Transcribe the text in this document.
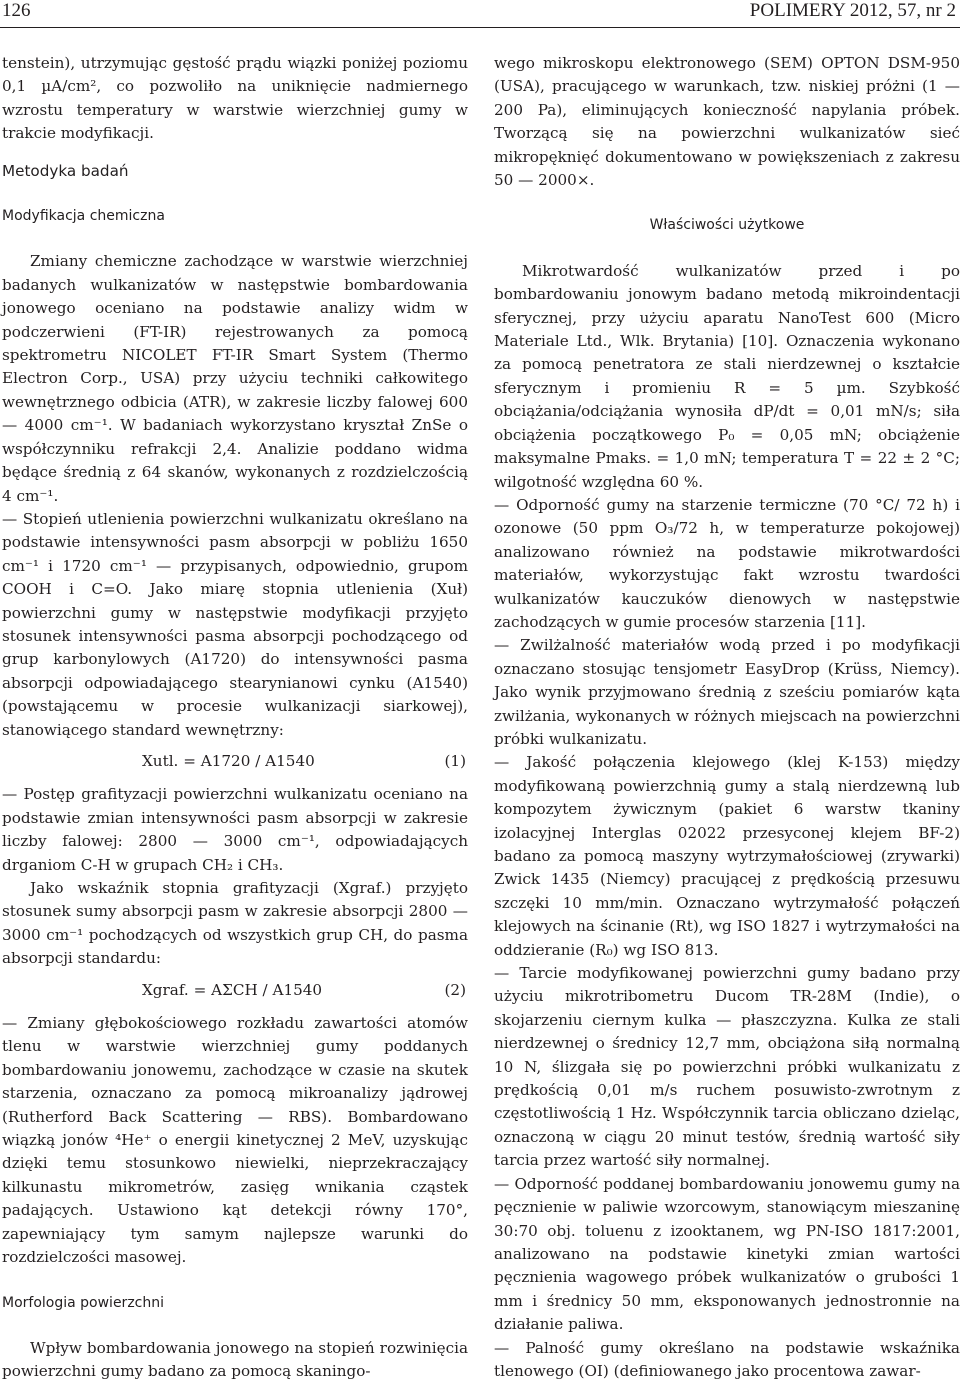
126	POLIMERY 2012, 57, nr 2

tenstein), utrzymując gęstość prądu wiązki poniżej poziomu 0,1 µA/cm², co pozwoliło na uniknięcie nadmiernego wzrostu temperatury w warstwie wierzchniej gumy w trakcie modyfikacji.

Metodyka badań
Modyfikacja chemiczna

Zmiany chemiczne zachodzące w warstwie wierzchniej badanych wulkanizatów w następstwie bombardowania jonowego oceniano na podstawie analizy widm w podczerwieni (FT-IR) rejestrowanych za pomocą spektrometru NICOLET FT-IR Smart System (Thermo Electron Corp., USA) przy użyciu techniki całkowitego wewnętrznego odbicia (ATR), w zakresie liczby falowej 600 — 4000 cm⁻¹. W badaniach wykorzystano kryształ ZnSe o współczynniku refrakcji 2,4. Analizie poddano widma będące średnią z 64 skanów, wykonanych z rozdzielczością 4 cm⁻¹.

— Stopień utlenienia powierzchni wulkanizatu określano na podstawie intensywności pasm absorpcji w pobliżu 1650 cm⁻¹ i 1720 cm⁻¹ — przypisanych, odpowiednio, grupom COOH i C=O. Jako miarę stopnia utlenienia (Xuł) powierzchni gumy w następstwie modyfikacji przyjęto stosunek intensywności pasma absorpcji pochodzącego od grup karbonylowych (A1720) do intensywności pasma absorpcji odpowiadającego stearynianowi cynku (A1540) (powstającemu w procesie wulkanizacji siarkowej), stanowiącego standard wewnętrzny:

Xutl. = A1720 / A1540	(1)

— Postęp grafityzacji powierzchni wulkanizatu oceniano na podstawie zmian intensywności pasm absorpcji w zakresie liczby falowej: 2800 — 3000 cm⁻¹, odpowiadających drganiom C-H w grupach CH₂ i CH₃.

Jako wskaźnik stopnia grafityzacji (Xgraf.) przyjęto stosunek sumy absorpcji pasm w zakresie absorpcji 2800 — 3000 cm⁻¹ pochodzących od wszystkich grup CH, do pasma absorpcji standardu:

Xgraf. = AΣCH / A1540	(2)

— Zmiany głębokościowego rozkładu zawartości atomów tlenu w warstwie wierzchniej gumy poddanych bombardowaniu jonowemu, zachodzące w czasie na skutek starzenia, oznaczano za pomocą mikroanalizy jądrowej (Rutherford Back Scattering — RBS). Bombardowano wiązką jonów ⁴He⁺ o energii kinetycznej 2 MeV, uzyskując dzięki temu stosunkowo niewielki, nieprzekraczający kilkunastu mikrometrów, zasięg wnikania cząstek padających. Ustawiono kąt detekcji równy 170°, zapewniający tym samym najlepsze warunki do rozdzielczości masowej.

Morfologia powierzchni

Wpływ bombardowania jonowego na stopień rozwinięcia powierzchni gumy badano za pomocą skaningo-

wego mikroskopu elektronowego (SEM) OPTON DSM-950 (USA), pracującego w warunkach, tzw. niskiej próżni (1 — 200 Pa), eliminujących konieczność napylania próbek. Tworzącą się na powierzchni wulkanizatów sieć mikropęknięć dokumentowano w powiększeniach z zakresu 50 — 2000×.

Właściwości użytkowe

Mikrotwardość wulkanizatów przed i po bombardowaniu jonowym badano metodą mikroindentacji sferycznej, przy użyciu aparatu NanoTest 600 (Micro Materiale Ltd., Wlk. Brytania) [10]. Oznaczenia wykonano za pomocą penetratora ze stali nierdzewnej o kształcie sferycznym i promieniu R = 5 µm. Szybkość obciążania/odciążania wynosiła dP/dt = 0,01 mN/s; siła obciążenia początkowego P₀ = 0,05 mN; obciążenie maksymalne Pmaks. = 1,0 mN; temperatura T = 22 ± 2 °C; wilgotność względna 60 %.

— Odporność gumy na starzenie termiczne (70 °C/ 72 h) i ozonowe (50 ppm O₃/72 h, w temperaturze pokojowej) analizowano również na podstawie mikrotwardości materiałów, wykorzystując fakt wzrostu twardości wulkanizatów kauczuków dienowych w następstwie zachodzących w gumie procesów starzenia [11].

— Zwilżalność materiałów wodą przed i po modyfikacji oznaczano stosując tensjometr EasyDrop (Krüss, Niemcy). Jako wynik przyjmowano średnią z sześciu pomiarów kąta zwilżania, wykonanych w różnych miejscach na powierzchni próbki wulkanizatu.

— Jakość połączenia klejowego (klej K-153) między modyfikowaną powierzchnią gumy a stalą nierdzewną lub kompozytem żywicznym (pakiet 6 warstw tkaniny izolacyjnej Interglas 02022 przesyconej klejem BF-2) badano za pomocą maszyny wytrzymałościowej (zrywarki) Zwick 1435 (Niemcy) pracującej z prędkością przesuwu szczęki 10 mm/min. Oznaczano wytrzymałość połączeń klejowych na ścinanie (Rt), wg ISO 1827 i wytrzymałości na oddzieranie (R₀) wg ISO 813.

— Tarcie modyfikowanej powierzchni gumy badano przy użyciu mikrotribometru Ducom TR-28M (Indie), o skojarzeniu ciernym kulka — płaszczyzna. Kulka ze stali nierdzewnej o średnicy 12,7 mm, obciążona siłą normalną 10 N, ślizgała się po powierzchni próbki wulkanizatu z prędkością 0,01 m/s ruchem posuwisto-zwrotnym z częstotliwością 1 Hz. Współczynnik tarcia obliczano dzieląc, oznaczoną w ciągu 20 minut testów, średnią wartość siły tarcia przez wartość siły normalnej.

— Odporność poddanej bombardowaniu jonowemu gumy na pęcznienie w paliwie wzorcowym, stanowiącym mieszaninę 30:70 obj. toluenu z izooktanem, wg PN-ISO 1817:2001, analizowano na podstawie kinetyki zmian wartości pęcznienia wagowego próbek wulkanizatów o grubości 1 mm i średnicy 50 mm, eksponowanych jednostronnie na działanie paliwa.

— Palność gumy określano na podstawie wskaźnika tlenowego (OI) (definiowanego jako procentowa zawar-
